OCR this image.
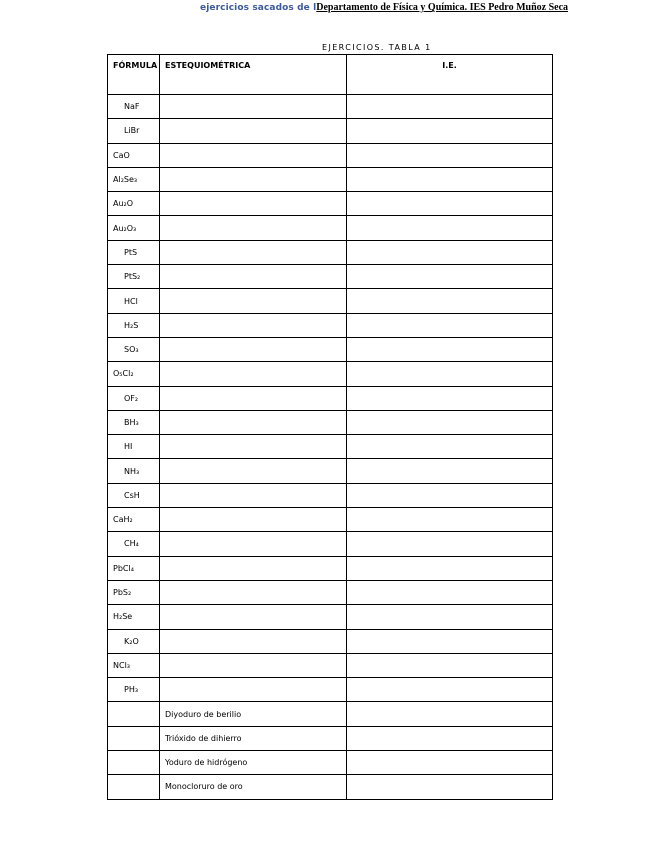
ejercicios sacados de lDepartamento de Física y Química. IES Pedro Muñoz Seca
EJERCICIOS. TABLA 1
FÓRMULA	ESTEQUIOMÉTRICA	I.E.
NaF		
LiBr		
CaO		
Al₂Se₃		
Au₂O		
Au₂O₃		
PtS		
PtS₂		
HCl		
H₂S		
SO₃		
O₅Cl₂		
OF₂		
BH₃		
HI		
NH₃		
CsH		
CaH₂		
CH₄		
PbCl₄		
PbS₂		
H₂Se		
K₂O		
NCl₃		
PH₃		
	Diyoduro de berilio	
	Trióxido de dihierro	
	Yoduro de hidrógeno	
	Monocloruro de oro	
